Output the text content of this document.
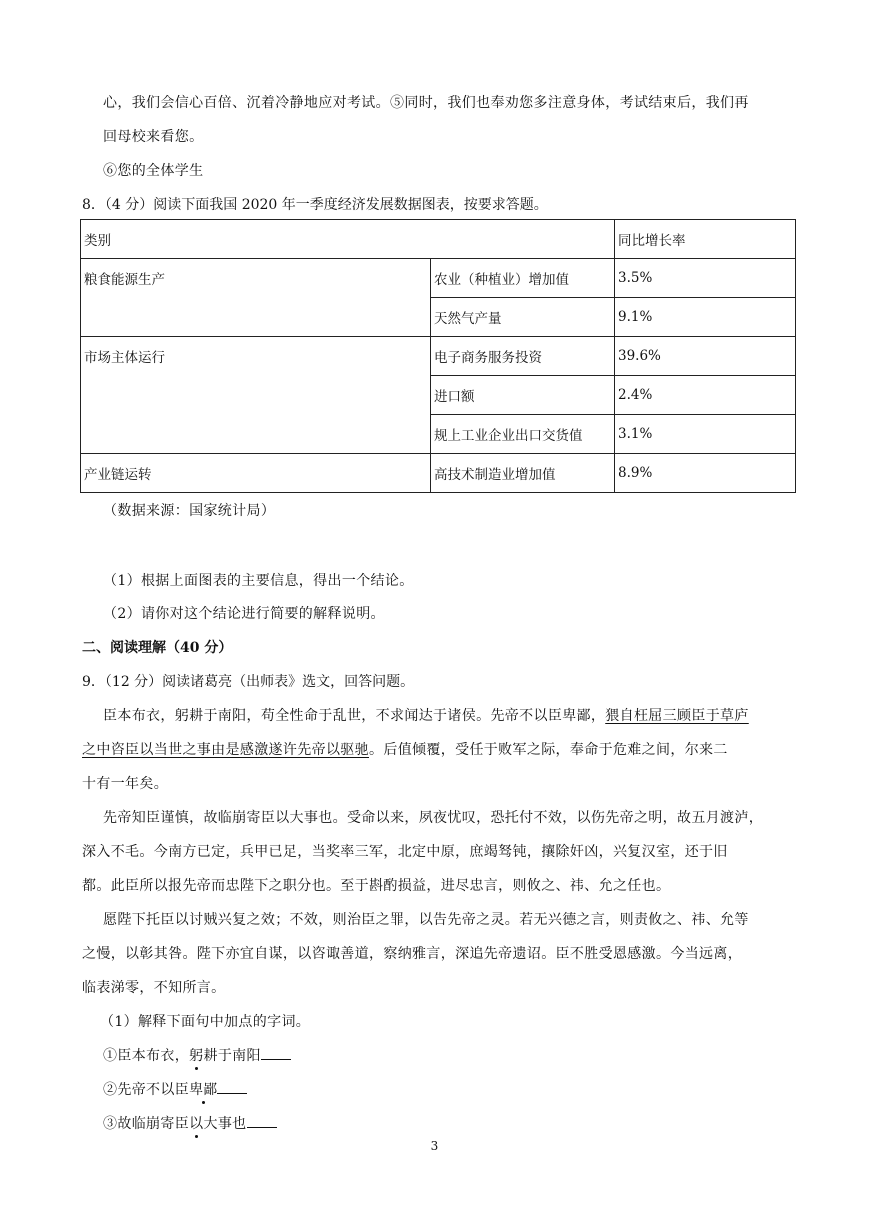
心，我们会信心百倍、沉着冷静地应对考试。⑤同时，我们也奉劝您多注意身体，考试结束后，我们再
回母校来看您。
⑥您的全体学生
8．（4 分）阅读下面我国 2020 年一季度经济发展数据图表，按要求答题。
类别		同比增长率
粮食能源生产	农业（种植业）增加值	3.5%
	天然气产量	9.1%
市场主体运行	电子商务服务投资	39.6%
	进口额	2.4%
	规上工业企业出口交货值	3.1%
产业链运转	高技术制造业增加值	8.9%
（数据来源：国家统计局）
（1）根据上面图表的主要信息，得出一个结论。
（2）请你对这个结论进行简要的解释说明。
二、阅读理解（40 分）
9．（12 分）阅读诸葛亮（出师表》选文，回答问题。
臣本布衣，躬耕于南阳，苟全性命于乱世，不求闻达于诸侯。先帝不以臣卑鄙，猥自枉屈三顾臣于草庐
之中咨臣以当世之事由是感激遂许先帝以驱驰。后值倾覆，受任于败军之际，奉命于危难之间，尔来二
十有一年矣。
先帝知臣谨慎，故临崩寄臣以大事也。受命以来，夙夜忧叹，恐托付不效，以伤先帝之明，故五月渡泸，
深入不毛。今南方已定，兵甲已足，当奖率三军，北定中原，庶竭驽钝，攘除奸凶，兴复汉室，还于旧
都。此臣所以报先帝而忠陛下之职分也。至于斟酌损益，进尽忠言，则攸之、祎、允之任也。
愿陛下托臣以讨贼兴复之效；不效，则治臣之罪，以告先帝之灵。若无兴德之言，则责攸之、祎、允等
之慢，以彰其咎。陛下亦宜自谋，以咨诹善道，察纳雅言，深追先帝遗诏。臣不胜受恩感激。今当远离，
临表涕零，不知所言。
（1）解释下面句中加点的字词。
①臣本布衣，躬耕于南阳
②先帝不以臣卑鄙
③故临崩寄臣以大事也
3
